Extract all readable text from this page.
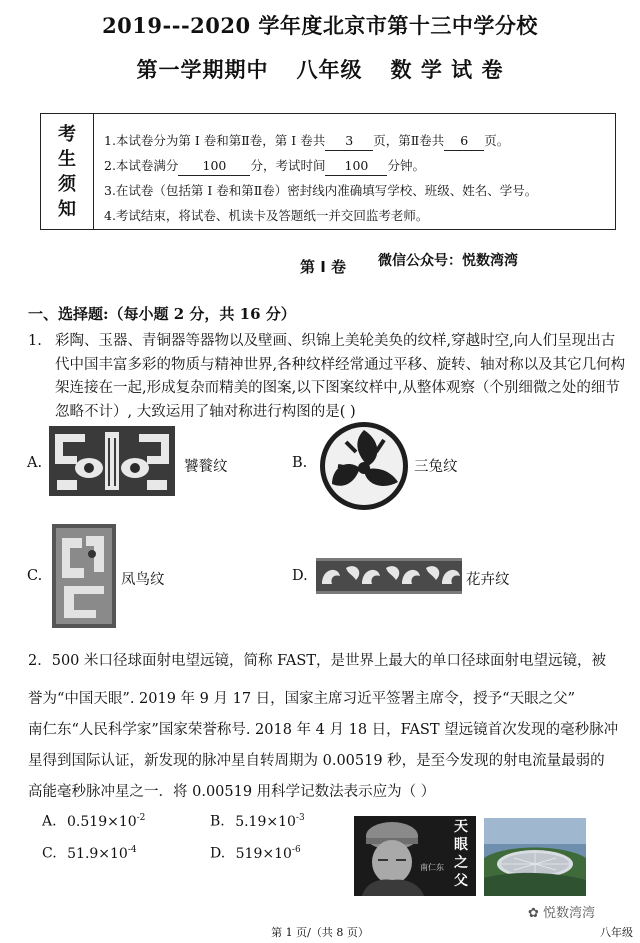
2019---2020 学年度北京市第十三中学分校
第一学期期中 八年级 数 学 试 卷
考
生
须
知
1.本试卷分为第 I 卷和第Ⅱ卷，第 I 卷共 3 页，第Ⅱ卷共 6 页。
2.本试卷满分 100 分，考试时间 100 分钟。
3.在试卷（包括第 I 卷和第Ⅱ卷）密封线内准确填写学校、班级、姓名、学号。
4.考试结束，将试卷、机读卡及答题纸一并交回监考老师。
第 I 卷 微信公众号：悦数湾湾
一、选择题:（每小题 2 分，共 16 分）
1. 彩陶、玉器、青铜器等器物以及壁画、织锦上美轮美奂的纹样,穿越时空,向人们呈现出古代中国丰富多彩的物质与精神世界,各种纹样经常通过平移、旋转、轴对称以及其它几何构架连接在一起,形成复杂而精美的图案,以下图案纹样中,从整体观察（个别细微之处的细节忽略不计）, 大致运用了轴对称进行构图的是( )
A.	饕餮纹	B.	三兔纹
C.	凤鸟纹	D.	花卉纹
2．500 米口径球面射电望远镜，简称 FAST，是世界上最大的单口径球面射电望远镜，被
誉为“中国天眼”. 2019 年 9 月 17 日，国家主席习近平签署主席令，授予“天眼之父”
南仁东“人民科学家”国家荣誉称号. 2018 年 4 月 18 日，FAST 望远镜首次发现的毫秒脉冲
星得到国际认证，新发现的脉冲星自转周期为 0.00519 秒，是至今发现的射电流量最弱的
高能毫秒脉冲星之一．将 0.00519 用科学记数法表示应为（ ）
A. $0.519\times 10^{-2}$	B. $5.19\times 10^{-3}$
C. $51.9\times 10^{-4}$	D. $519\times 10^{-6}$
天
眼
之
父
南仁东
✿ 悦数湾湾
第 1 页/（共 8 页）	八年级
